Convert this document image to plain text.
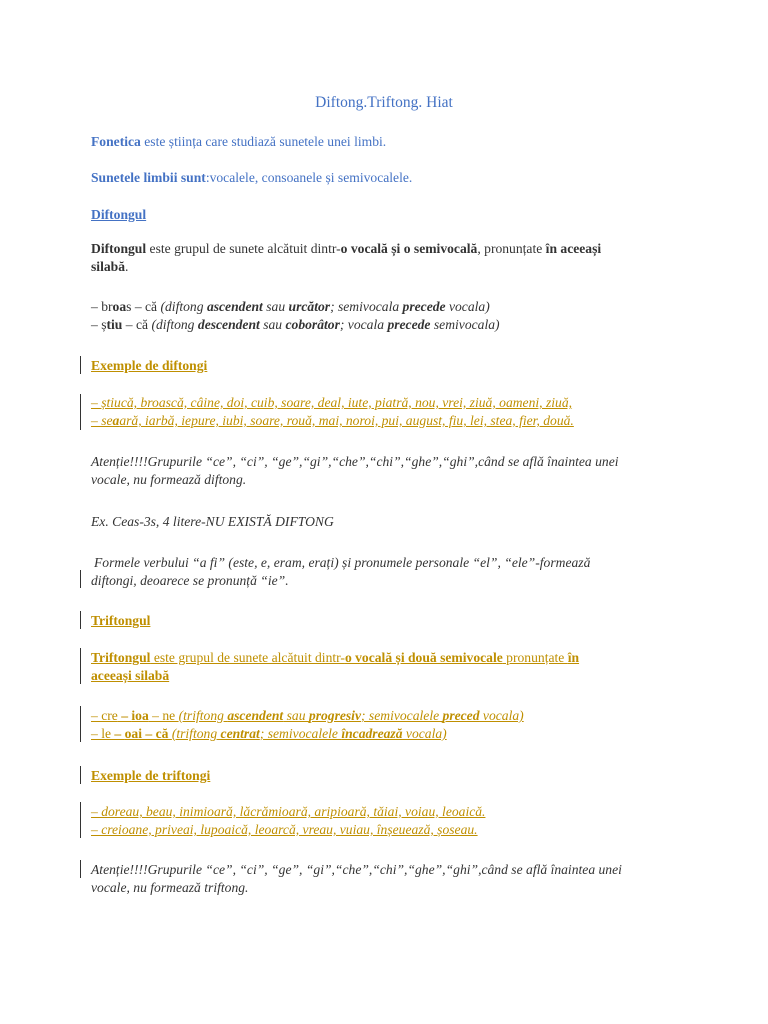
Diftong.Triftong. Hiat
Fonetica este știința care studiază sunetele unei limbi.
Sunetele limbii sunt:vocalele, consoanele și semivocalele.
Diftongul
Diftongul este grupul de sunete alcătuit dintr-o vocală și o semivocală, pronunțate în aceeași
silabă.
– broas – că (diftong ascendent sau urcător; semivocala precede vocala)
– știu – că (diftong descendent sau coborâtor; vocala precede semivocala)
Exemple de diftongi
– știucă, broască, câine, doi, cuib, soare, deal, iute, piatră, nou, vrei, ziuă, oameni, ziuă,
– seaară, iarbă, iepure, iubi, soare, rouă, mai, noroi, pui, august, fiu, lei, stea, fier, două.
Atenție!!!!Grupurile “ce”, “ci”, “ge”,“gi”,“che”,“chi”,“ghe”,“ghi”,când se află înaintea unei
vocale, nu formează diftong.
Ex. Ceas-3s, 4 litere-NU EXISTĂ DIFTONG
Formele verbului “a fi” (este, e, eram, erați) și pronumele personale “el”, “ele”-formează
diftongi, deoarece se pronunță “ie”.
Triftongul
Triftongul este grupul de sunete alcătuit dintr-o vocală și două semivocale pronunțate în
aceeași silabă
– cre – ioa – ne (triftong ascendent sau progresiv; semivocalele preced vocala)
– le – oai – că (triftong centrat; semivocalele încadrează vocala)
Exemple de triftongi
– doreau, beau, inimioară, lăcrămioară, aripioară, tăiai, voiau, leoaică.
– creioane, priveai, lupoaică, leoarcă, vreau, vuiau, înșeuează, șoseau.
Atenție!!!!Grupurile “ce”, “ci”, “ge”, “gi”,“che”,“chi”,“ghe”,“ghi”,când se află înaintea unei
vocale, nu formează triftong.
